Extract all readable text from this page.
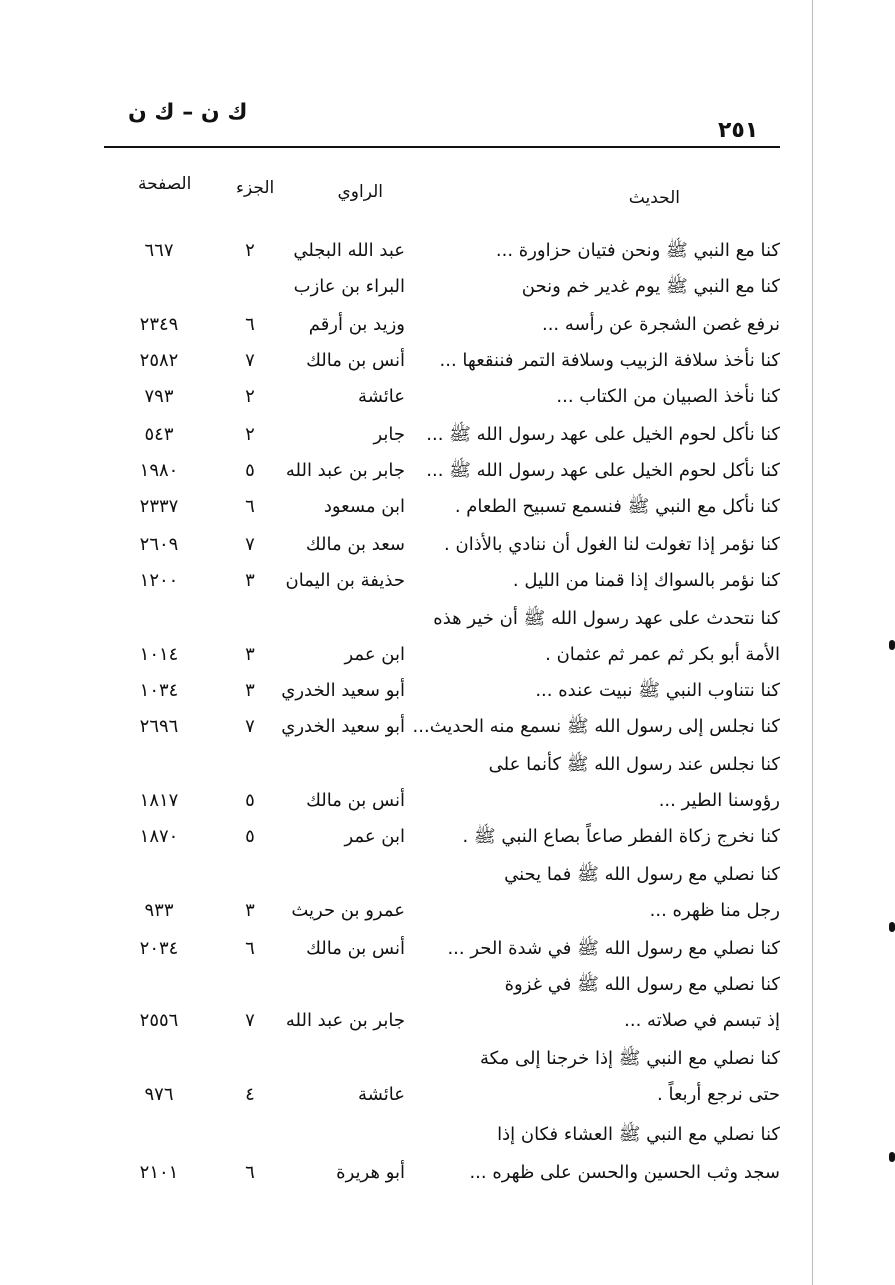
ك ن – ك ن
٢٥١
الحديث
الراوي
الجزء
الصفحة
كنا مع النبي ﷺ ونحن فتيان حزاورة ...
عبد الله البجلي
٢
٦٦٧
كنا مع النبي ﷺ يوم غدير خم ونحن
البراء بن عازب
نرفع غصن الشجرة عن رأسه ...
وزيد بن أرقم
٦
٢٣٤٩
كنا نأخذ سلافة الزبيب وسلافة التمر فننقعها ...
أنس بن مالك
٧
٢٥٨٢
كنا نأخذ الصبيان من الكتاب ...
عائشة
٢
٧٩٣
كنا نأكل لحوم الخيل على عهد رسول الله ﷺ ...
جابر
٢
٥٤٣
كنا نأكل لحوم الخيل على عهد رسول الله ﷺ ...
جابر بن عبد الله
٥
١٩٨٠
كنا نأكل مع النبي ﷺ فنسمع تسبيح الطعام .
ابن مسعود
٦
٢٣٣٧
كنا نؤمر إذا تغولت لنا الغول أن ننادي بالأذان .
سعد بن مالك
٧
٢٦٠٩
كنا نؤمر بالسواك إذا قمنا من الليل .
حذيفة بن اليمان
٣
١٢٠٠
كنا نتحدث على عهد رسول الله ﷺ أن خير هذه
الأمة أبو بكر ثم عمر ثم عثمان .
ابن عمر
٣
١٠١٤
كنا نتناوب النبي ﷺ نبيت عنده ...
أبو سعيد الخدري
٣
١٠٣٤
كنا نجلس إلى رسول الله ﷺ نسمع منه الحديث...
أبو سعيد الخدري
٧
٢٦٩٦
كنا نجلس عند رسول الله ﷺ كأنما على
رؤوسنا الطير ...
أنس بن مالك
٥
١٨١٧
كنا نخرج زكاة الفطر صاعاً بصاع النبي ﷺ .
ابن عمر
٥
١٨٧٠
كنا نصلي مع رسول الله ﷺ فما يحني
رجل منا ظهره ...
عمرو بن حريث
٣
٩٣٣
كنا نصلي مع رسول الله ﷺ في شدة الحر ...
أنس بن مالك
٦
٢٠٣٤
كنا نصلي مع رسول الله ﷺ في غزوة
إذ تبسم في صلاته ...
جابر بن عبد الله
٧
٢٥٥٦
كنا نصلي مع النبي ﷺ إذا خرجنا إلى مكة
حتى نرجع أربعاً .
عائشة
٤
٩٧٦
كنا نصلي مع النبي ﷺ العشاء فكان إذا
سجد وثب الحسين والحسن على ظهره ...
أبو هريرة
٦
٢١٠١
